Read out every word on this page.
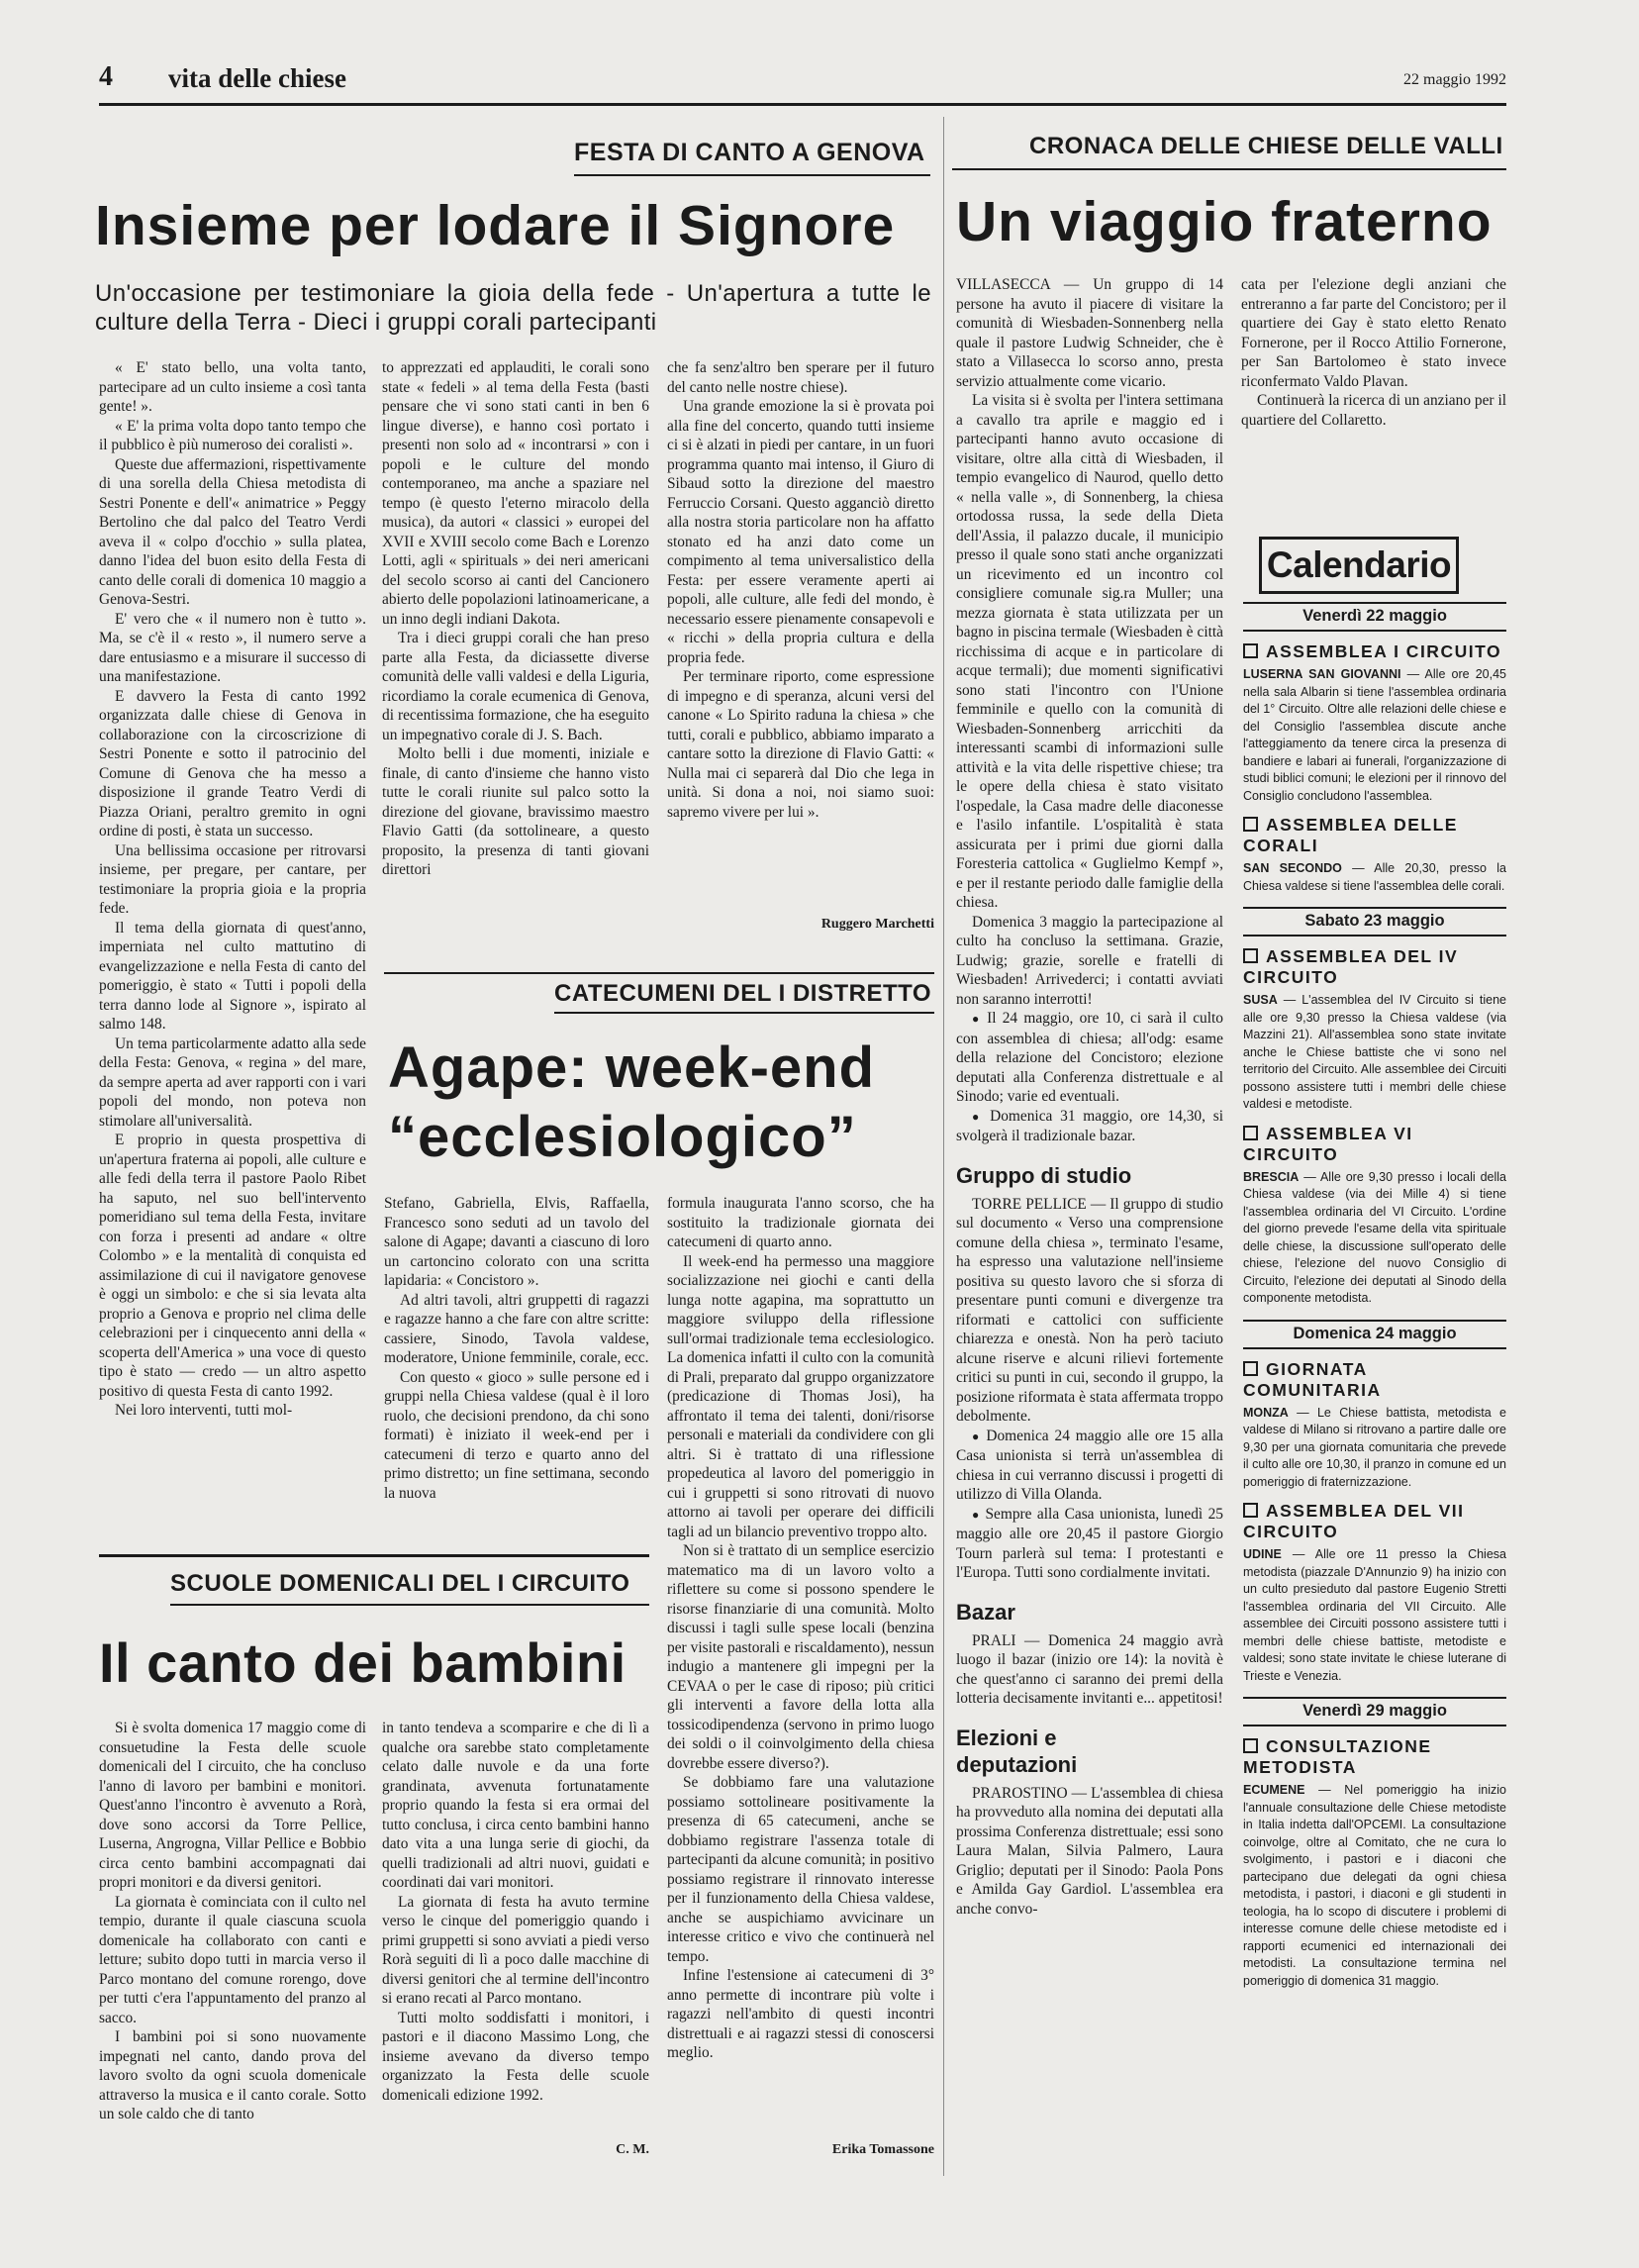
4 vita delle chiese	22 maggio 1992
FESTA DI CANTO A GENOVA
Insieme per lodare il Signore
Un'occasione per testimoniare la gioia della fede - Un'apertura a tutte le culture della Terra - Dieci i gruppi corali partecipanti

« E' stato bello, una volta tanto, partecipare ad un culto insieme a così tanta gente! ».

« E' la prima volta dopo tanto tempo che il pubblico è più numeroso dei coralisti ».

Queste due affermazioni, rispettivamente di una sorella della Chiesa metodista di Sestri Ponente e dell'« animatrice » Peggy Bertolino che dal palco del Teatro Verdi aveva il « colpo d'occhio » sulla platea, danno l'idea del buon esito della Festa di canto delle corali di domenica 10 maggio a Genova-Sestri.

E' vero che « il numero non è tutto ». Ma, se c'è il « resto », il numero serve a dare entusiasmo e a misurare il successo di una manifestazione.

E davvero la Festa di canto 1992 organizzata dalle chiese di Genova in collaborazione con la circoscrizione di Sestri Ponente e sotto il patrocinio del Comune di Genova che ha messo a disposizione il grande Teatro Verdi di Piazza Oriani, peraltro gremito in ogni ordine di posti, è stata un successo.

Una bellissima occasione per ritrovarsi insieme, per pregare, per cantare, per testimoniare la propria gioia e la propria fede.

Il tema della giornata di quest'anno, imperniata nel culto mattutino di evangelizzazione e nella Festa di canto del pomeriggio, è stato « Tutti i popoli della terra danno lode al Signore », ispirato al salmo 148.

Un tema particolarmente adatto alla sede della Festa: Genova, « regina » del mare, da sempre aperta ad aver rapporti con i vari popoli del mondo, non poteva non stimolare all'universalità.

E proprio in questa prospettiva di un'apertura fraterna ai popoli, alle culture e alle fedi della terra il pastore Paolo Ribet ha saputo, nel suo bell'intervento pomeridiano sul tema della Festa, invitare con forza i presenti ad andare « oltre Colombo » e la mentalità di conquista ed assimilazione di cui il navigatore genovese è oggi un simbolo: e che si sia levata alta proprio a Genova e proprio nel clima delle celebrazioni per i cinquecento anni della « scoperta dell'America » una voce di questo tipo è stato — credo — un altro aspetto positivo di questa Festa di canto 1992.

Nei loro interventi, tutti mol-

to apprezzati ed applauditi, le corali sono state « fedeli » al tema della Festa (basti pensare che vi sono stati canti in ben 6 lingue diverse), e hanno così portato i presenti non solo ad « incontrarsi » con i popoli e le culture del mondo contemporaneo, ma anche a spaziare nel tempo (è questo l'eterno miracolo della musica), da autori « classici » europei del XVII e XVIII secolo come Bach e Lorenzo Lotti, agli « spirituals » dei neri americani del secolo scorso ai canti del Cancionero abierto delle popolazioni latinoamericane, a un inno degli indiani Dakota.

Tra i dieci gruppi corali che han preso parte alla Festa, da diciassette diverse comunità delle valli valdesi e della Liguria, ricordiamo la corale ecumenica di Genova, di recentissima formazione, che ha eseguito un impegnativo corale di J. S. Bach.

Molto belli i due momenti, iniziale e finale, di canto d'insieme che hanno visto tutte le corali riunite sul palco sotto la direzione del giovane, bravissimo maestro Flavio Gatti (da sottolineare, a questo proposito, la presenza di tanti giovani direttori

che fa senz'altro ben sperare per il futuro del canto nelle nostre chiese).

Una grande emozione la si è provata poi alla fine del concerto, quando tutti insieme ci si è alzati in piedi per cantare, in un fuori programma quanto mai intenso, il Giuro di Sibaud sotto la direzione del maestro Ferruccio Corsani. Questo agganciò diretto alla nostra storia particolare non ha affatto stonato ed ha anzi dato come un compimento al tema universalistico della Festa: per essere veramente aperti ai popoli, alle culture, alle fedi del mondo, è necessario essere pienamente consapevoli e « ricchi » della propria cultura e della propria fede.

Per terminare riporto, come espressione di impegno e di speranza, alcuni versi del canone « Lo Spirito raduna la chiesa » che tutti, corali e pubblico, abbiamo imparato a cantare sotto la direzione di Flavio Gatti: « Nulla mai ci separerà dal Dio che lega in unità. Si dona a noi, noi siamo suoi: sapremo vivere per lui ».

Ruggero Marchetti
CATECUMENI DEL I DISTRETTO
Agape: week-end
“ecclesiologico”

Stefano, Gabriella, Elvis, Raffaella, Francesco sono seduti ad un tavolo del salone di Agape; davanti a ciascuno di loro un cartoncino colorato con una scritta lapidaria: « Concistoro ».

Ad altri tavoli, altri gruppetti di ragazzi e ragazze hanno a che fare con altre scritte: cassiere, Sinodo, Tavola valdese, moderatore, Unione femminile, corale, ecc.

Con questo « gioco » sulle persone ed i gruppi nella Chiesa valdese (qual è il loro ruolo, che decisioni prendono, da chi sono formati) è iniziato il week-end per i catecumeni di terzo e quarto anno del primo distretto; un fine settimana, secondo la nuova

formula inaugurata l'anno scorso, che ha sostituito la tradizionale giornata dei catecumeni di quarto anno.

Il week-end ha permesso una maggiore socializzazione nei giochi e canti della lunga notte agapina, ma soprattutto un maggiore sviluppo della riflessione sull'ormai tradizionale tema ecclesiologico. La domenica infatti il culto con la comunità di Prali, preparato dal gruppo organizzatore (predicazione di Thomas Josi), ha affrontato il tema dei talenti, doni/risorse personali e materiali da condividere con gli altri. Si è trattato di una riflessione propedeutica al lavoro del pomeriggio in cui i gruppetti si sono ritrovati di nuovo attorno ai tavoli per operare dei difficili tagli ad un bilancio preventivo troppo alto.

Non si è trattato di un semplice esercizio matematico ma di un lavoro volto a riflettere su come si possono spendere le risorse finanziarie di una comunità. Molto discussi i tagli sulle spese locali (benzina per visite pastorali e riscaldamento), nessun indugio a mantenere gli impegni per la CEVAA o per le case di riposo; più critici gli interventi a favore della lotta alla tossicodipendenza (servono in primo luogo dei soldi o il coinvolgimento della chiesa dovrebbe essere diverso?).

Se dobbiamo fare una valutazione possiamo sottolineare positivamente la presenza di 65 catecumeni, anche se dobbiamo registrare l'assenza totale di partecipanti da alcune comunità; in positivo possiamo registrare il rinnovato interesse per il funzionamento della Chiesa valdese, anche se auspichiamo avvicinare un interesse critico e vivo che continuerà nel tempo.

Infine l'estensione ai catecumeni di 3° anno permette di incontrare più volte i ragazzi nell'ambito di questi incontri distrettuali e ai ragazzi stessi di conoscersi meglio.

Erika Tomassone
SCUOLE DOMENICALI DEL I CIRCUITO
Il canto dei bambini

Si è svolta domenica 17 maggio come di consuetudine la Festa delle scuole domenicali del I circuito, che ha concluso l'anno di lavoro per bambini e monitori. Quest'anno l'incontro è avvenuto a Rorà, dove sono accorsi da Torre Pellice, Luserna, Angrogna, Villar Pellice e Bobbio circa cento bambini accompagnati dai propri monitori e da diversi genitori.

La giornata è cominciata con il culto nel tempio, durante il quale ciascuna scuola domenicale ha collaborato con canti e letture; subito dopo tutti in marcia verso il Parco montano del comune rorengo, dove per tutti c'era l'appuntamento del pranzo al sacco.

I bambini poi si sono nuovamente impegnati nel canto, dando prova del lavoro svolto da ogni scuola domenicale attraverso la musica e il canto corale. Sotto un sole caldo che di tanto

in tanto tendeva a scomparire e che di lì a qualche ora sarebbe stato completamente celato dalle nuvole e da una forte grandinata, avvenuta fortunatamente proprio quando la festa si era ormai del tutto conclusa, i circa cento bambini hanno dato vita a una lunga serie di giochi, da quelli tradizionali ad altri nuovi, guidati e coordinati dai vari monitori.

La giornata di festa ha avuto termine verso le cinque del pomeriggio quando i primi gruppetti si sono avviati a piedi verso Rorà seguiti di lì a poco dalle macchine di diversi genitori che al termine dell'incontro si erano recati al Parco montano.

Tutti molto soddisfatti i monitori, i pastori e il diacono Massimo Long, che insieme avevano da diverso tempo organizzato la Festa delle scuole domenicali edizione 1992.

C. M.
CRONACA DELLE CHIESE DELLE VALLI
Un viaggio fraterno

VILLASECCA — Un gruppo di 14 persone ha avuto il piacere di visitare la comunità di Wiesbaden-Sonnenberg nella quale il pastore Ludwig Schneider, che è stato a Villasecca lo scorso anno, presta servizio attualmente come vicario.

La visita si è svolta per l'intera settimana a cavallo tra aprile e maggio ed i partecipanti hanno avuto occasione di visitare, oltre alla città di Wiesbaden, il tempio evangelico di Naurod, quello detto « nella valle », di Sonnenberg, la chiesa ortodossa russa, la sede della Dieta dell'Assia, il palazzo ducale, il municipio presso il quale sono stati anche organizzati un ricevimento ed un incontro col consigliere comunale sig.ra Muller; una mezza giornata è stata utilizzata per un bagno in piscina termale (Wiesbaden è città ricchissima di acque e in particolare di acque termali); due momenti significativi sono stati l'incontro con l'Unione femminile e quello con la comunità di Wiesbaden-Sonnenberg arricchiti da interessanti scambi di informazioni sulle attività e la vita delle rispettive chiese; tra le opere della chiesa è stato visitato l'ospedale, la Casa madre delle diaconesse e l'asilo infantile. L'ospitalità è stata assicurata per i primi due giorni dalla Foresteria cattolica « Guglielmo Kempf », e per il restante periodo dalle famiglie della chiesa.

Domenica 3 maggio la partecipazione al culto ha concluso la settimana. Grazie, Ludwig; grazie, sorelle e fratelli di Wiesbaden! Arrivederci; i contatti avviati non saranno interrotti!

● Il 24 maggio, ore 10, ci sarà il culto con assemblea di chiesa; all'odg: esame della relazione del Concistoro; elezione deputati alla Conferenza distrettuale e al Sinodo; varie ed eventuali.

● Domenica 31 maggio, ore 14,30, si svolgerà il tradizionale bazar.

Gruppo di studio

TORRE PELLICE — Il gruppo di studio sul documento « Verso una comprensione comune della chiesa », terminato l'esame, ha espresso una valutazione nell'insieme positiva su questo lavoro che si sforza di presentare punti comuni e divergenze tra riformati e cattolici con sufficiente chiarezza e onestà. Non ha però taciuto alcune riserve e alcuni rilievi fortemente critici su punti in cui, secondo il gruppo, la posizione riformata è stata affermata troppo debolmente.

● Domenica 24 maggio alle ore 15 alla Casa unionista si terrà un'assemblea di chiesa in cui verranno discussi i progetti di utilizzo di Villa Olanda.

● Sempre alla Casa unionista, lunedì 25 maggio alle ore 20,45 il pastore Giorgio Tourn parlerà sul tema: I protestanti e l'Europa. Tutti sono cordialmente invitati.

Bazar

PRALI — Domenica 24 maggio avrà luogo il bazar (inizio ore 14): la novità è che quest'anno ci saranno dei premi della lotteria decisamente invitanti e... appetitosi!

Elezioni e
deputazioni

PRAROSTINO — L'assemblea di chiesa ha provveduto alla nomina dei deputati alla prossima Conferenza distrettuale; essi sono Laura Malan, Silvia Palmero, Laura Griglio; deputati per il Sinodo: Paola Pons e Amilda Gay Gardiol. L'assemblea era anche convo-

cata per l'elezione degli anziani che entreranno a far parte del Concistoro; per il quartiere dei Gay è stato eletto Renato Fornerone, per il Rocco Attilio Fornerone, per San Bartolomeo è stato invece riconfermato Valdo Plavan.

Continuerà la ricerca di un anziano per il quartiere del Collaretto.

Calendario
Venerdì 22 maggio
ASSEMBLEA I CIRCUITO
LUSERNA SAN GIOVANNI — Alle ore 20,45 nella sala Albarin si tiene l'assemblea ordinaria del 1° Circuito. Oltre alle relazioni delle chiese e del Consiglio l'assemblea discute anche l'atteggiamento da tenere circa la presenza di bandiere e labari ai funerali, l'organizzazione di studi biblici comuni; le elezioni per il rinnovo del Consiglio concludono l'assemblea.
ASSEMBLEA DELLE CORALI
SAN SECONDO — Alle 20,30, presso la Chiesa valdese si tiene l'assemblea delle corali.
Sabato 23 maggio
ASSEMBLEA DEL IV CIRCUITO
SUSA — L'assemblea del IV Circuito si tiene alle ore 9,30 presso la Chiesa valdese (via Mazzini 21). All'assemblea sono state invitate anche le Chiese battiste che vi sono nel territorio del Circuito. Alle assemblee dei Circuiti possono assistere tutti i membri delle chiese valdesi e metodiste.
ASSEMBLEA VI CIRCUITO
BRESCIA — Alle ore 9,30 presso i locali della Chiesa valdese (via dei Mille 4) si tiene l'assemblea ordinaria del VI Circuito. L'ordine del giorno prevede l'esame della vita spirituale delle chiese, la discussione sull'operato delle chiese, l'elezione del nuovo Consiglio di Circuito, l'elezione dei deputati al Sinodo della componente metodista.
Domenica 24 maggio
GIORNATA COMUNITARIA
MONZA — Le Chiese battista, metodista e valdese di Milano si ritrovano a partire dalle ore 9,30 per una giornata comunitaria che prevede il culto alle ore 10,30, il pranzo in comune ed un pomeriggio di fraternizzazione.
ASSEMBLEA DEL VII CIRCUITO
UDINE — Alle ore 11 presso la Chiesa metodista (piazzale D'Annunzio 9) ha inizio con un culto presieduto dal pastore Eugenio Stretti l'assemblea ordinaria del VII Circuito. Alle assemblee dei Circuiti possono assistere tutti i membri delle chiese battiste, metodiste e valdesi; sono state invitate le chiese luterane di Trieste e Venezia.
Venerdì 29 maggio
CONSULTAZIONE METODISTA
ECUMENE — Nel pomeriggio ha inizio l'annuale consultazione delle Chiese metodiste in Italia indetta dall'OPCEMI. La consultazione coinvolge, oltre al Comitato, che ne cura lo svolgimento, i pastori e i diaconi che partecipano due delegati da ogni chiesa metodista, i pastori, i diaconi e gli studenti in teologia, ha lo scopo di discutere i problemi di interesse comune delle chiese metodiste ed i rapporti ecumenici ed internazionali dei metodisti. La consultazione termina nel pomeriggio di domenica 31 maggio.
